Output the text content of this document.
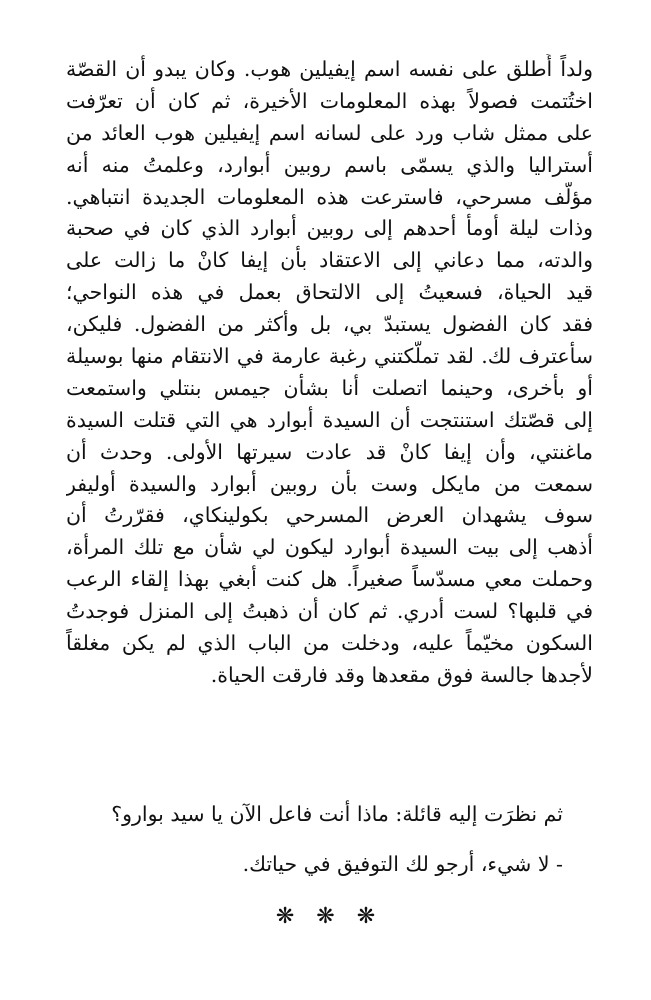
ولداً أَطلق على نفسه اسم إيفيلين هوب. وكان يبدو أن القصّة
اختُتمت فصولاً بهذه المعلومات الأخيرة، ثم كان أن تعرّفت
على ممثل شاب ورد على لسانه اسم إيفيلين هوب العائد من
أستراليا والذي يسمّى باسم روبين أبوارد، وعلمتُ منه أنه
مؤلّف مسرحي، فاسترعت هذه المعلومات الجديدة انتباهي.
وذات ليلة أومأ أحدهم إلى روبين أبوارد الذي كان في صحبة
والدته، مما دعاني إلى الاعتقاد بأن إيفا كانْ ما زالت على
قيد الحياة، فسعيتُ إلى الالتحاق بعمل في هذه النواحي؛
فقد كان الفضول يستبدّ بي، بل وأكثر من الفضول. فليكن،
سأعترف لك. لقد تملّكتني رغبة عارمة في الانتقام منها بوسيلة
أو بأخرى، وحينما اتصلت أنا بشأن جيمس بنتلي واستمعت
إلى قصّتك استنتجت أن السيدة أبوارد هي التي قتلت السيدة
ماغنتي، وأن إيفا كانْ قد عادت سيرتها الأولى. وحدث أن
سمعت من مايكل وست بأن روبين أبوارد والسيدة أوليفر
سوف يشهدان العرض المسرحي بكولينكاي، فقرّرتُ أن
أذهب إلى بيت السيدة أبوارد ليكون لي شأن مع تلك المرأة،
وحملت معي مسدّساً صغيراً. هل كنت أبغي بهذا إلقاء الرعب
في قلبها؟ لست أدري. ثم كان أن ذهبتُ إلى المنزل فوجدتُ
السكون مخيّماً عليه، ودخلت من الباب الذي لم يكن مغلقاً
لأجدها جالسة فوق مقعدها وقد فارقت الحياة.
ثم نظرَت إليه قائلة: ماذا أنت فاعل الآن يا سيد بوارو؟
- لا شيء، أرجو لك التوفيق في حياتك.
❋❋❋
